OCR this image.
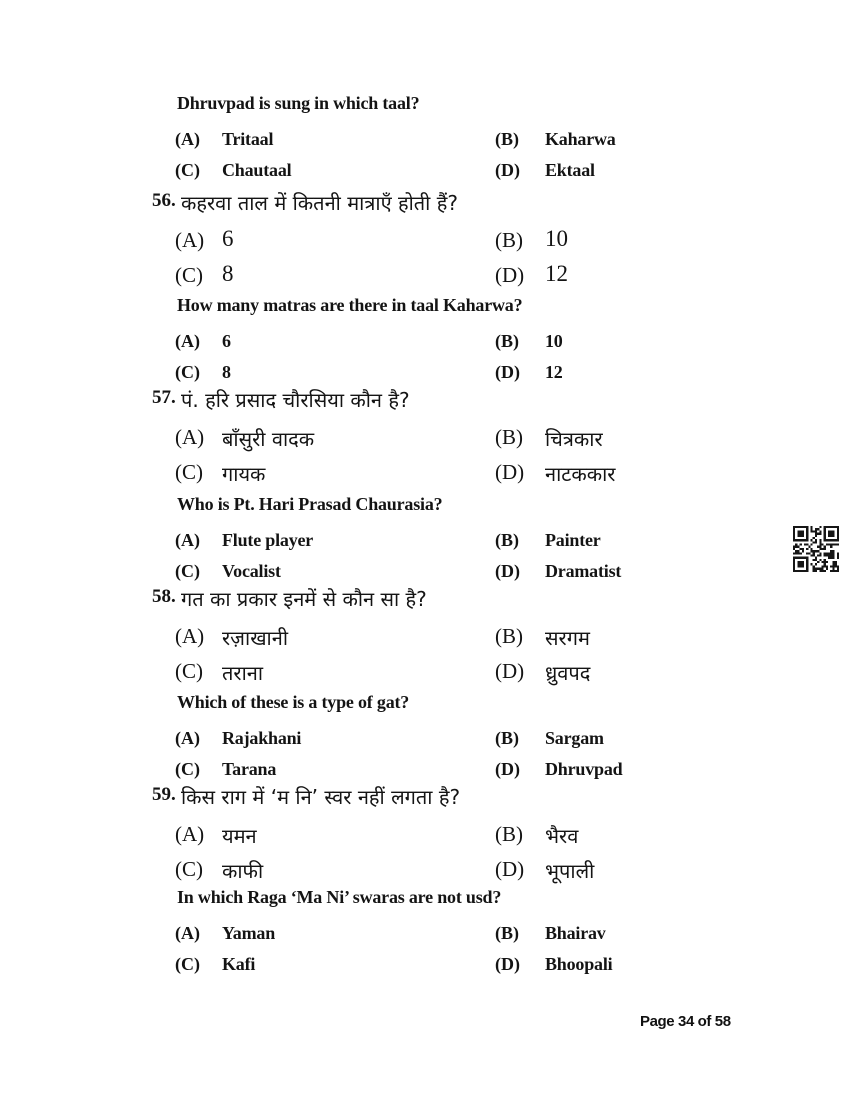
Dhruvpad is sung in which taal?
(A) Tritaal	(B) Kaharwa
(C) Chautaal	(D) Ektaal
56. कहरवा ताल में कितनी मात्राएँ होती हैं?
(A) 6	(B) 10
(C) 8	(D) 12
How many matras are there in taal Kaharwa?
(A) 6	(B) 10
(C) 8	(D) 12
57. पं. हरि प्रसाद चौरसिया कौन है?
(A) बाँसुरी वादक	(B) चित्रकार
(C) गायक	(D) नाटककार
Who is Pt. Hari Prasad Chaurasia?
(A) Flute player	(B) Painter
(C) Vocalist	(D) Dramatist
58. गत का प्रकार इनमें से कौन सा है?
(A) रज़ाखानी	(B) सरगम
(C) तराना	(D) ध्रुवपद
Which of these is a type of gat?
(A) Rajakhani	(B) Sargam
(C) Tarana	(D) Dhruvpad
59. किस राग में ‘म नि’ स्वर नहीं लगता है?
(A) यमन	(B) भैरव
(C) काफी	(D) भूपाली
In which Raga ‘Ma Ni’ swaras are not usd?
(A) Yaman	(B) Bhairav
(C) Kafi	(D) Bhoopali
Page 34 of 58
